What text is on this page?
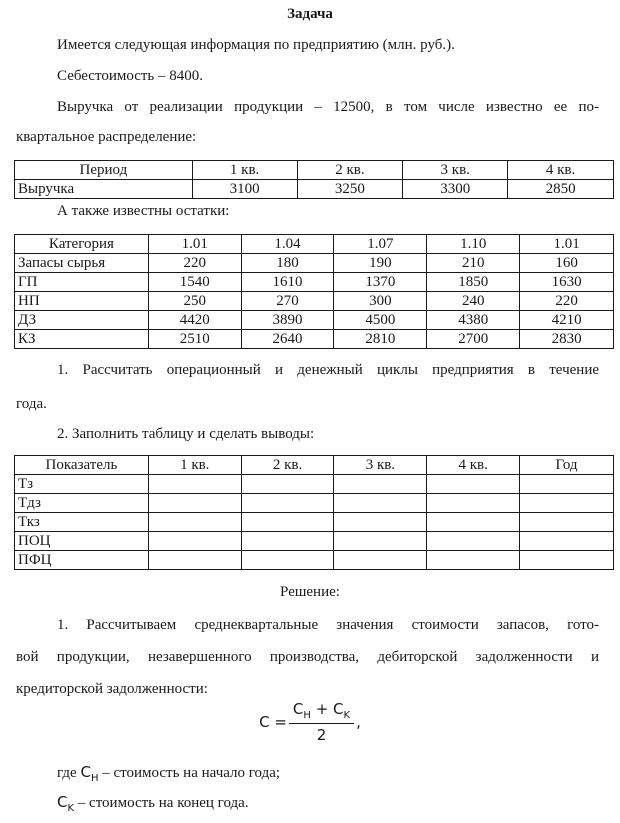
Задача
Имеется следующая информация по предприятию (млн. руб.).
Себестоимость – 8400.
Выручка от реализации продукции – 12500, в том числе известно ее по-
квартальное распределение:
Период	1 кв.	2 кв.	3 кв.	4 кв.
Выручка	3100	3250	3300	2850
А также известны остатки:
Категория	1.01	1.04	1.07	1.10	1.01
Запасы сырья	220	180	190	210	160
ГП	1540	1610	1370	1850	1630
НП	250	270	300	240	220
ДЗ	4420	3890	4500	4380	4210
КЗ	2510	2640	2810	2700	2830
1. Рассчитать операционный и денежный циклы предприятия в течение
года.
2. Заполнить таблицу и сделать выводы:
Показатель	1 кв.	2 кв.	3 кв.	4 кв.	Год
Тз					
Тдз					
Ткз					
ПОЦ					
ПФЦ					
Решение:
1. Рассчитываем среднеквартальные значения стоимости запасов, гото-
вой продукции, незавершенного производства, дебиторской задолженности и
кредиторской задолженности:
$C = \frac{C_H + C_K}{2}$ ,
где $C_H$ – стоимость на начало года;
$C_K$ – стоимость на конец года.
